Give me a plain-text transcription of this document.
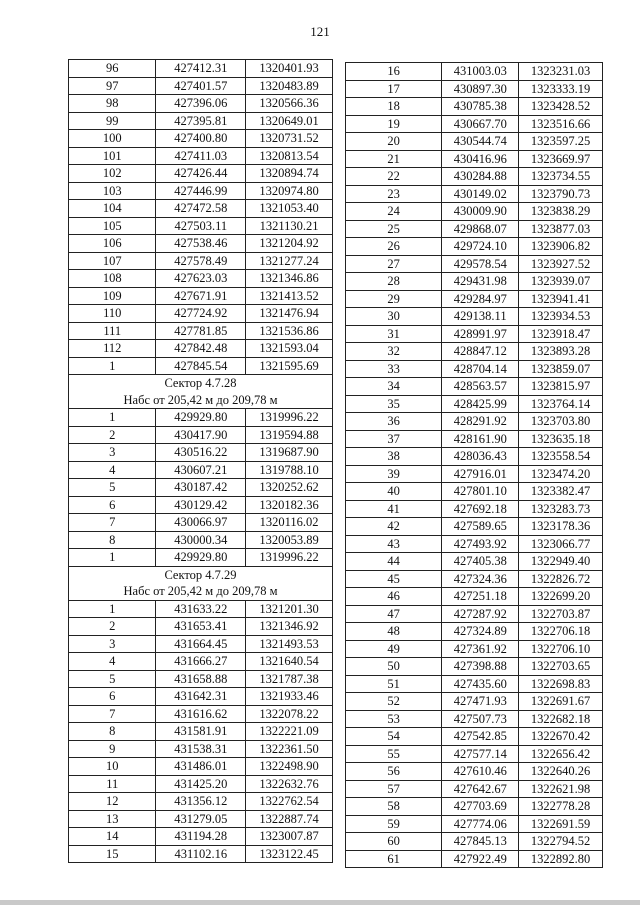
121
96	427412.31	1320401.93
97	427401.57	1320483.89
98	427396.06	1320566.36
99	427395.81	1320649.01
100	427400.80	1320731.52
101	427411.03	1320813.54
102	427426.44	1320894.74
103	427446.99	1320974.80
104	427472.58	1321053.40
105	427503.11	1321130.21
106	427538.46	1321204.92
107	427578.49	1321277.24
108	427623.03	1321346.86
109	427671.91	1321413.52
110	427724.92	1321476.94
111	427781.85	1321536.86
112	427842.48	1321593.04
1	427845.54	1321595.69
Сектор 4.7.28		
Набс от 205,42 м до 209,78 м		
1	429929.80	1319996.22
2	430417.90	1319594.88
3	430516.22	1319687.90
4	430607.21	1319788.10
5	430187.42	1320252.62
6	430129.42	1320182.36
7	430066.97	1320116.02
8	430000.34	1320053.89
1	429929.80	1319996.22
Сектор 4.7.29		
Набс от 205,42 м до 209,78 м		
1	431633.22	1321201.30
2	431653.41	1321346.92
3	431664.45	1321493.53
4	431666.27	1321640.54
5	431658.88	1321787.38
6	431642.31	1321933.46
7	431616.62	1322078.22
8	431581.91	1322221.09
9	431538.31	1322361.50
10	431486.01	1322498.90
11	431425.20	1322632.76
12	431356.12	1322762.54
13	431279.05	1322887.74
14	431194.28	1323007.87
15	431102.16	1323122.45
16	431003.03	1323231.03
17	430897.30	1323333.19
18	430785.38	1323428.52
19	430667.70	1323516.66
20	430544.74	1323597.25
21	430416.96	1323669.97
22	430284.88	1323734.55
23	430149.02	1323790.73
24	430009.90	1323838.29
25	429868.07	1323877.03
26	429724.10	1323906.82
27	429578.54	1323927.52
28	429431.98	1323939.07
29	429284.97	1323941.41
30	429138.11	1323934.53
31	428991.97	1323918.47
32	428847.12	1323893.28
33	428704.14	1323859.07
34	428563.57	1323815.97
35	428425.99	1323764.14
36	428291.92	1323703.80
37	428161.90	1323635.18
38	428036.43	1323558.54
39	427916.01	1323474.20
40	427801.10	1323382.47
41	427692.18	1323283.73
42	427589.65	1323178.36
43	427493.92	1323066.77
44	427405.38	1322949.40
45	427324.36	1322826.72
46	427251.18	1322699.20
47	427287.92	1322703.87
48	427324.89	1322706.18
49	427361.92	1322706.10
50	427398.88	1322703.65
51	427435.60	1322698.83
52	427471.93	1322691.67
53	427507.73	1322682.18
54	427542.85	1322670.42
55	427577.14	1322656.42
56	427610.46	1322640.26
57	427642.67	1322621.98
58	427703.69	1322778.28
59	427774.06	1322691.59
60	427845.13	1322794.52
61	427922.49	1322892.80
